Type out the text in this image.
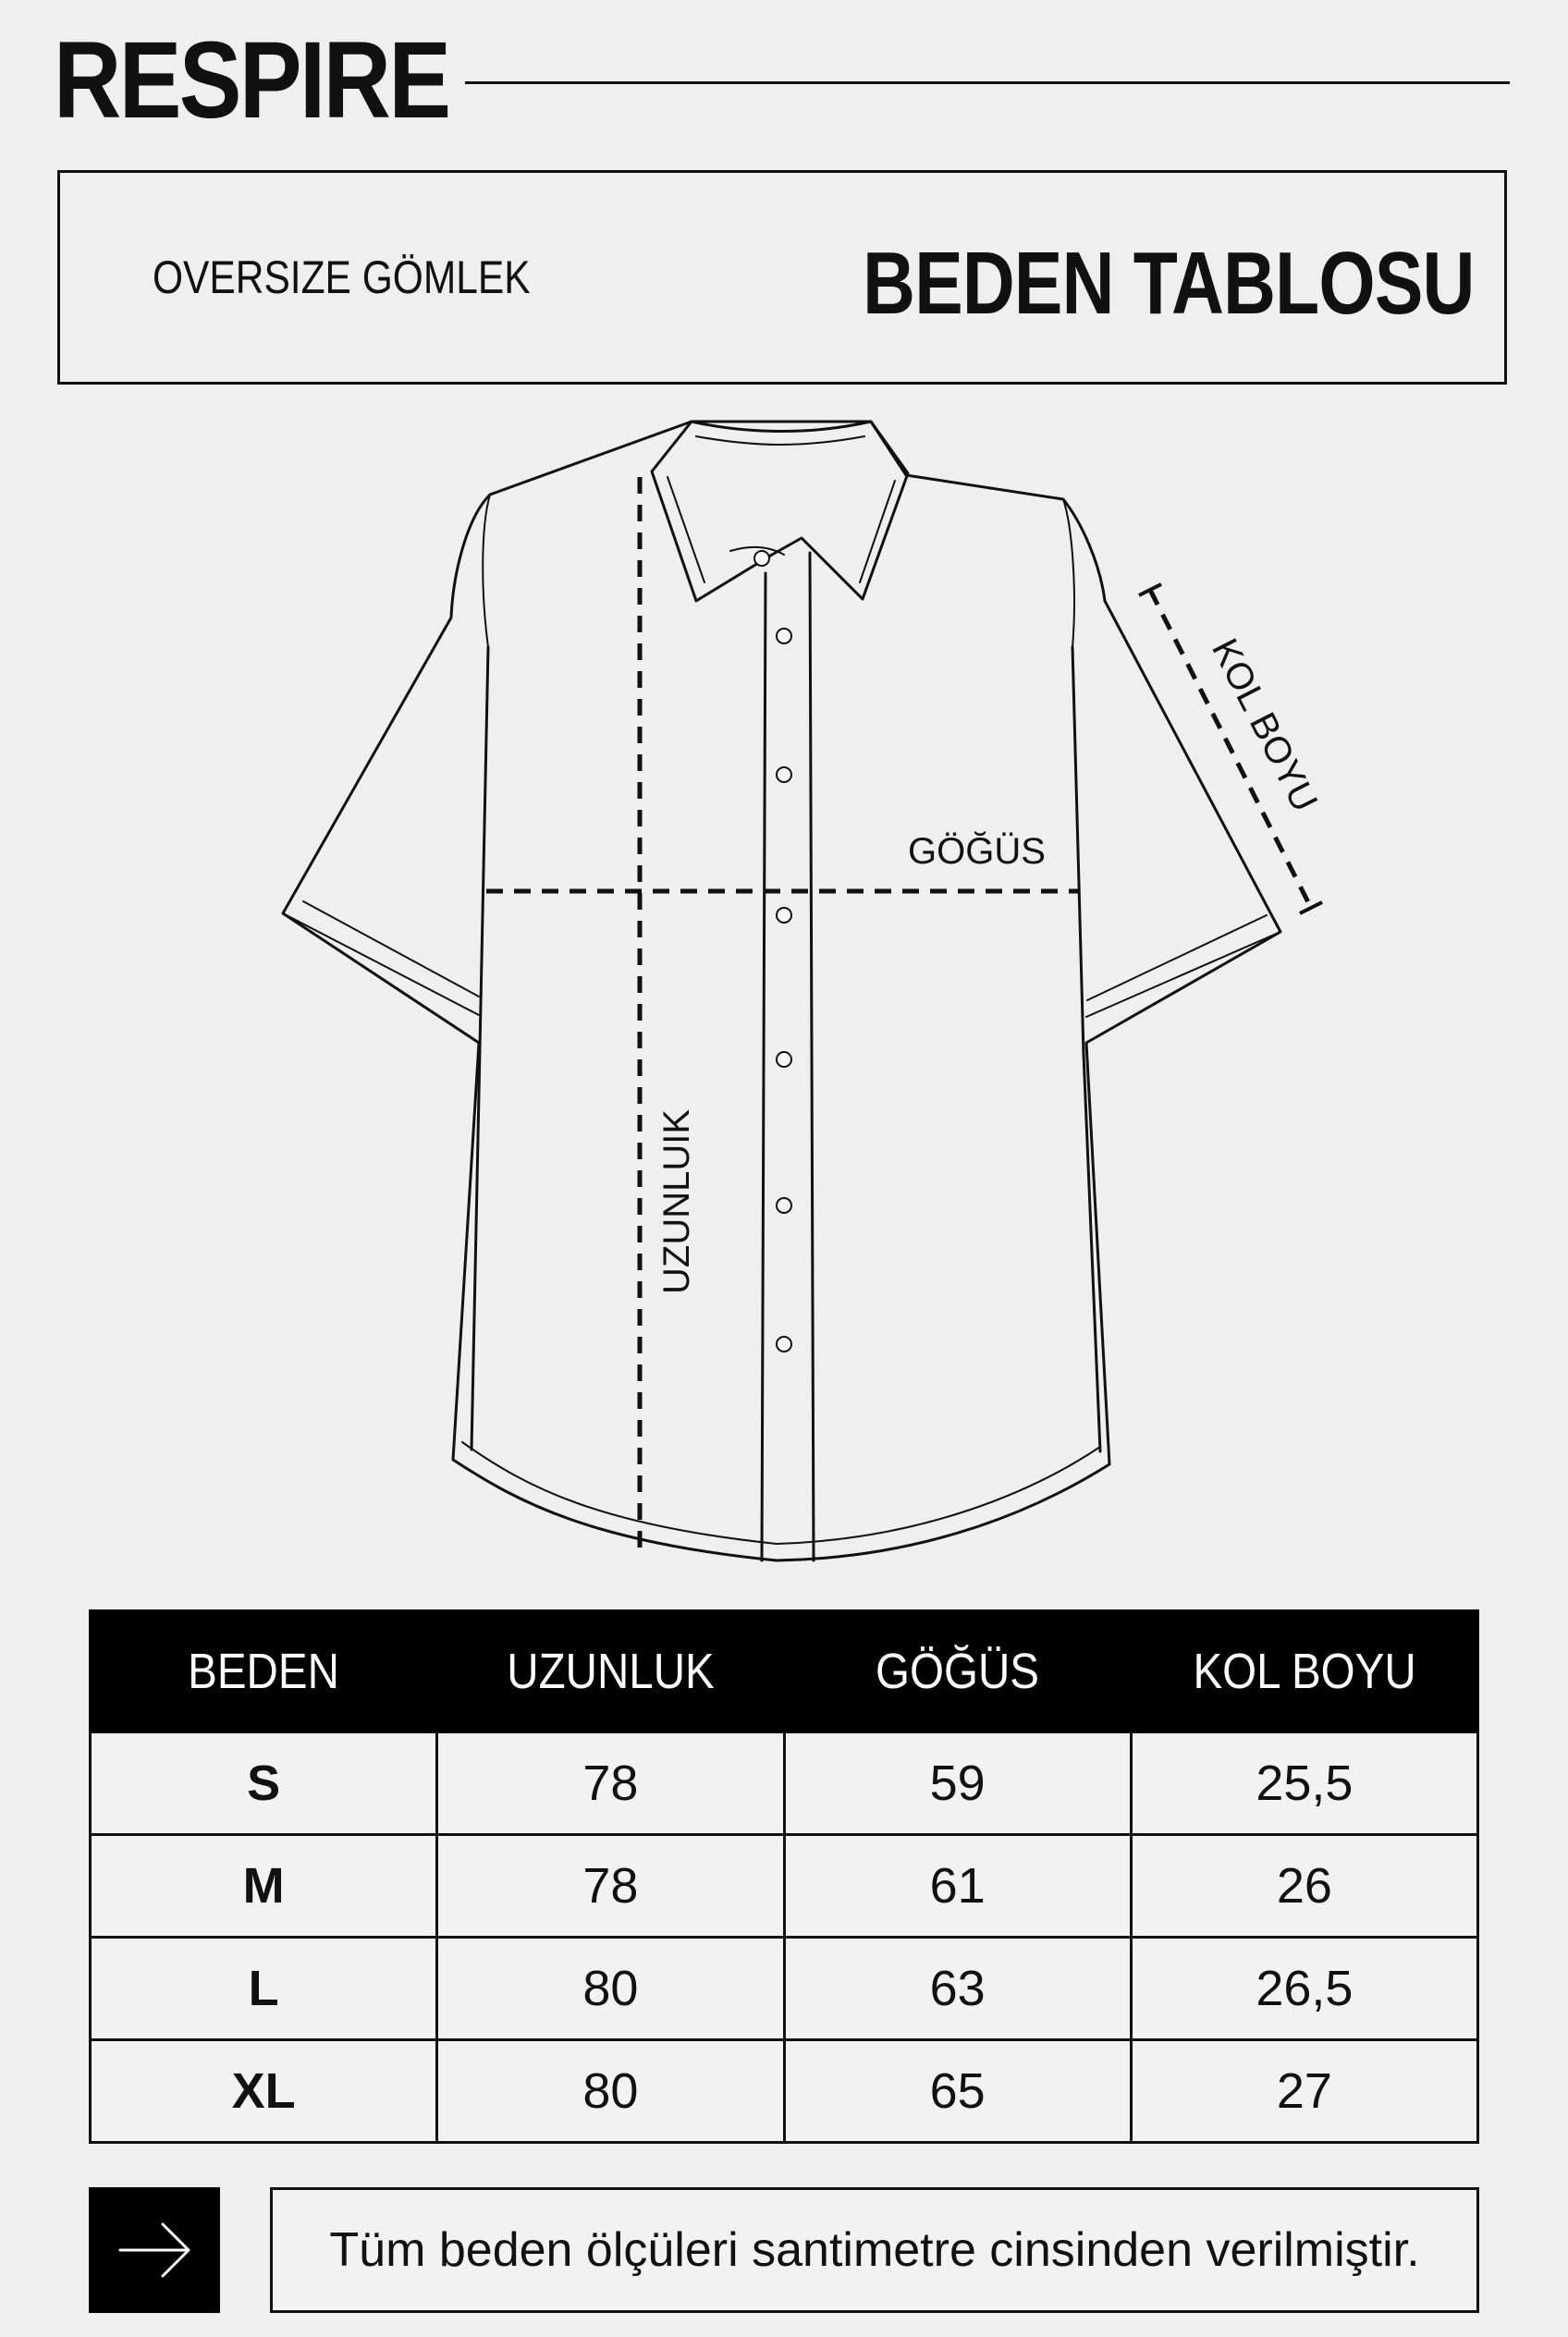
RESPIRE
OVERSIZE GÖMLEK	BEDEN TABLOSU
UZUNLUIK
GÖĞÜS
KOL BOYU
BEDEN	UZUNLUK	GÖĞÜS	KOL BOYU
S	78	59	25,5
M	78	61	26
L	80	63	26,5
XL	80	65	27
Tüm beden ölçüleri santimetre cinsinden verilmiştir.
